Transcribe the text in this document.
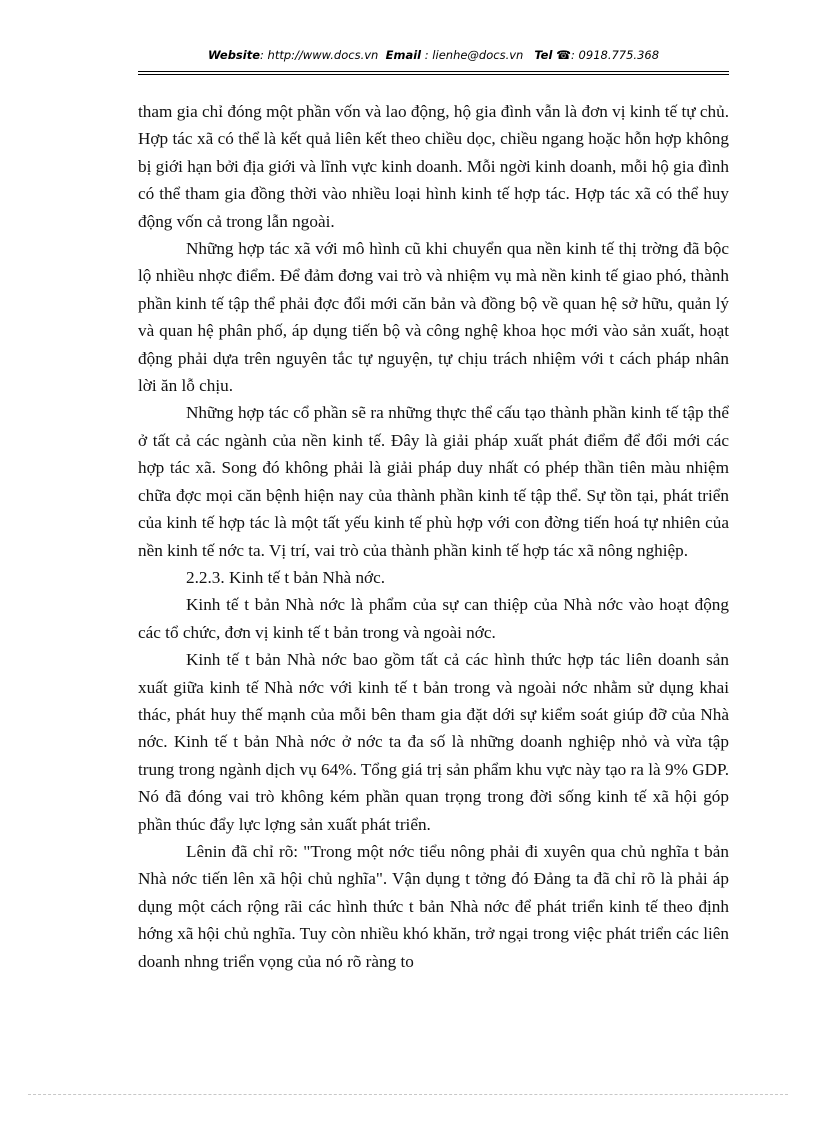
Website: http://www.docs.vn Email : lienhe@docs.vn Tel ☎: 0918.775.368

tham gia chỉ đóng một phần vốn và lao động, hộ gia đình vẫn là đơn vị kinh tế tự chủ. Hợp tác xã có thể là kết quả liên kết theo chiều dọc, chiều ngang hoặc hỗn hợp không bị giới hạn bởi địa giới và lĩnh vực kinh doanh. Mỗi ngời kinh doanh, mỗi hộ gia đình có thể tham gia đồng thời vào nhiều loại hình kinh tế hợp tác. Hợp tác xã có thể huy động vốn cả trong lẫn ngoài.

Những hợp tác xã với mô hình cũ khi chuyển qua nền kinh tế thị trờng đã bộc lộ nhiều nhợc điểm. Để đảm đơng vai trò và nhiệm vụ mà nền kinh tế giao phó, thành phần kinh tế tập thể phải đợc đổi mới căn bản và đồng bộ về quan hệ sở hữu, quản lý và quan hệ phân phố, áp dụng tiến bộ và công nghệ khoa học mới vào sản xuất, hoạt động phải dựa trên nguyên tắc tự nguyện, tự chịu trách nhiệm với t cách pháp nhân lời ăn lỗ chịu.

Những hợp tác cổ phần sẽ ra những thực thể cấu tạo thành phần kinh tế tập thể ở tất cả các ngành của nền kinh tế. Đây là giải pháp xuất phát điểm để đổi mới các hợp tác xã. Song đó không phải là giải pháp duy nhất có phép thần tiên màu nhiệm chữa đợc mọi căn bệnh hiện nay của thành phần kinh tế tập thể. Sự tồn tại, phát triển của kinh tế hợp tác là một tất yếu kinh tế phù hợp với con đờng tiến hoá tự nhiên của nền kinh tế nớc ta. Vị trí, vai trò của thành phần kinh tế hợp tác xã nông nghiệp.

2.2.3. Kinh tế t bản Nhà nớc.

Kinh tế t bản Nhà nớc là phẩm của sự can thiệp của Nhà nớc vào hoạt động các tổ chức, đơn vị kinh tế t bản trong và ngoài nớc.

Kinh tế t bản Nhà nớc bao gồm tất cả các hình thức hợp tác liên doanh sản xuất giữa kinh tế Nhà nớc với kinh tế t bản trong và ngoài nớc nhằm sử dụng khai thác, phát huy thế mạnh của mỗi bên tham gia đặt dới sự kiểm soát giúp đỡ của Nhà nớc. Kinh tế t bản Nhà nớc ở nớc ta đa số là những doanh nghiệp nhỏ và vừa tập trung trong ngành dịch vụ 64%. Tổng giá trị sản phẩm khu vực này tạo ra là 9% GDP. Nó đã đóng vai trò không kém phần quan trọng trong đời sống kinh tế xã hội góp phần thúc đẩy lực lợng sản xuất phát triển.

Lênin đã chỉ rõ: "Trong một nớc tiểu nông phải đi xuyên qua chủ nghĩa t bản Nhà nớc tiến lên xã hội chủ nghĩa". Vận dụng t tởng đó Đảng ta đã chỉ rõ là phải áp dụng một cách rộng rãi các hình thức t bản Nhà nớc để phát triển kinh tế theo định hớng xã hội chủ nghĩa. Tuy còn nhiều khó khăn, trở ngại trong việc phát triển các liên doanh nhng triển vọng của nó rõ ràng to
